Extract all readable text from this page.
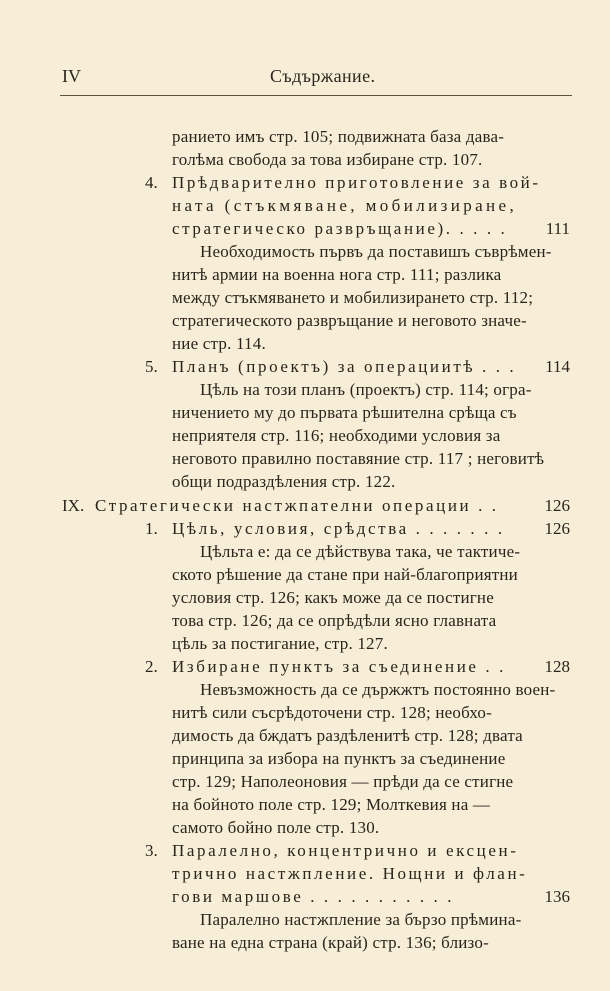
IV	Съдържание.
ранието имъ стр. 105; подвижната база дава-
голѣма свобода за това избиране стр. 107.
4. Прѣдварително приготовление за вой-
ната (стъкмяване, мобилизиране,
стратегическо развръщание). . . . . 111
Необходимость първъ да поставишъ съврѣмен-
нитѣ армии на военна нога стр. 111; разлика
между стъкмяването и мобилизирането стр. 112;
стратегическото развръщание и неговото значе-
ние стр. 114.
5. Планъ (проектъ) за операциитѣ . . . 114
Цѣль на този планъ (проектъ) стр. 114; огра-
ничението му до първата рѣшителна срѣща съ
неприятеля стр. 116; необходими условия за
неговото правилно поставяние стр. 117 ; неговитѣ
общи подраздѣления стр. 122.
IX. Стратегически настжпателни операции . .	126
1. Цѣль, условия, срѣдства . . . . . . . 126
Цѣльта е: да се дѣйствува така, че тактиче-
ското рѣшение да стане при най-благоприятни
условия стр. 126; какъ може да се постигне
това стр. 126; да се опрѣдѣли ясно главната
цѣль за постигание, стр. 127.
2. Избиране пунктъ за съединение . . 128
Невъзможность да се държжтъ постоянно воен-
нитѣ сили съсрѣдоточени стр. 128; необхо-
димость да бждатъ раздѣленитѣ стр. 128; двата
принципа за избора на пунктъ за съединение
стр. 129; Наполеоновия — прѣди да се стигне
на бойното поле стр. 129; Молткевия на —
самото бойно поле стр. 130.
3. Паралелно, концентрично и ексцен-
трично настжпление. Нощни и флан-
гови маршове . . . . . . . . . . .	136
Паралелно настжпление за бързо прѣмина-
ване на една страна (край) стр. 136; близо-
